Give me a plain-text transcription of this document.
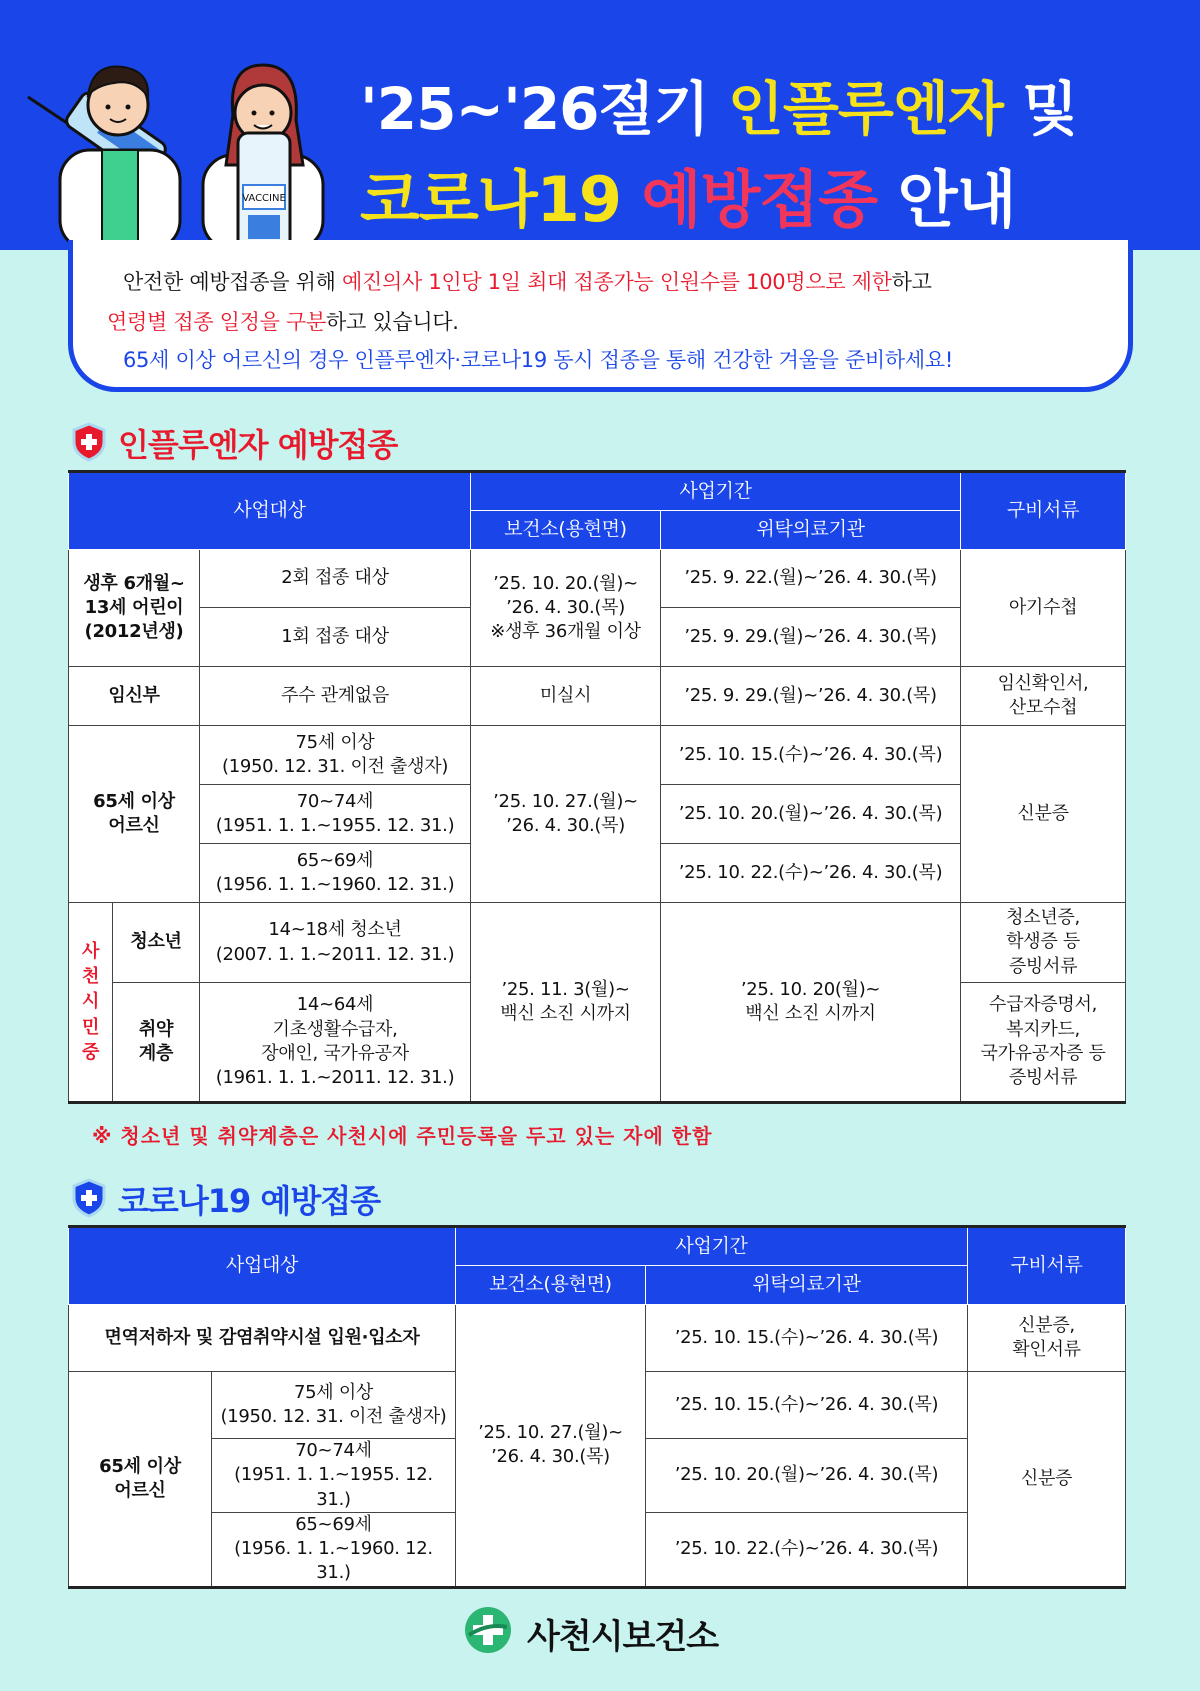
VACCINE
'25~'26절기 인플루엔자 및
코로나19 예방접종 안내

안전한 예방접종을 위해 예진의사 1인당 1일 최대 접종가능 인원수를 100명으로 제한하고

연령별 접종 일정을 구분하고 있습니다.

65세 이상 어르신의 경우 인플루엔자·코로나19 동시 접종을 통해 건강한 겨울을 준비하세요!

인플루엔자 예방접종
사업대상			사업기간		구비서류
			보건소(용현면)	위탁의료기관	
생후 6개월~
13세 어린이
(2012년생)		2회 접종 대상	’25. 10. 20.(월)~
’26. 4. 30.(목)
※생후 36개월 이상	’25. 9. 22.(월)~’26. 4. 30.(목)	아기수첩
		1회 접종 대상		’25. 9. 29.(월)~’26. 4. 30.(목)	
임신부		주수 관계없음	미실시	’25. 9. 29.(월)~’26. 4. 30.(목)	임신확인서,
산모수첩
65세 이상
어르신		75세 이상
(1950. 12. 31. 이전 출생자)	’25. 10. 27.(월)~
’26. 4. 30.(목)	’25. 10. 15.(수)~’26. 4. 30.(목)	신분증
		70~74세
(1951. 1. 1.~1955. 12. 31.)		’25. 10. 20.(월)~’26. 4. 30.(목)	
		65~69세
(1956. 1. 1.~1960. 12. 31.)		’25. 10. 22.(수)~’26. 4. 30.(목)	
사
천
시
민
중	청소년	14~18세 청소년
(2007. 1. 1.~2011. 12. 31.)	’25. 11. 3(월)~
백신 소진 시까지	’25. 10. 20(월)~
백신 소진 시까지	청소년증,
학생증 등
증빙서류
	취약
계층	14~64세
기초생활수급자,
장애인, 국가유공자
(1961. 1. 1.~2011. 12. 31.)			수급자증명서,
복지카드,
국가유공자증 등
증빙서류
※ 청소년 및 취약계층은 사천시에 주민등록을 두고 있는 자에 한함
코로나19 예방접종
사업대상		사업기간		구비서류
		보건소(용현면)	위탁의료기관	
면역저하자 및 감염취약시설 입원·입소자		’25. 10. 27.(월)~
’26. 4. 30.(목)	’25. 10. 15.(수)~’26. 4. 30.(목)	신분증,
확인서류
65세 이상
어르신	75세 이상
(1950. 12. 31. 이전 출생자)		’25. 10. 15.(수)~’26. 4. 30.(목)	신분증
	70~74세
(1951. 1. 1.~1955. 12. 31.)		’25. 10. 20.(월)~’26. 4. 30.(목)	
	65~69세
(1956. 1. 1.~1960. 12. 31.)		’25. 10. 22.(수)~’26. 4. 30.(목)	
사천시보건소
